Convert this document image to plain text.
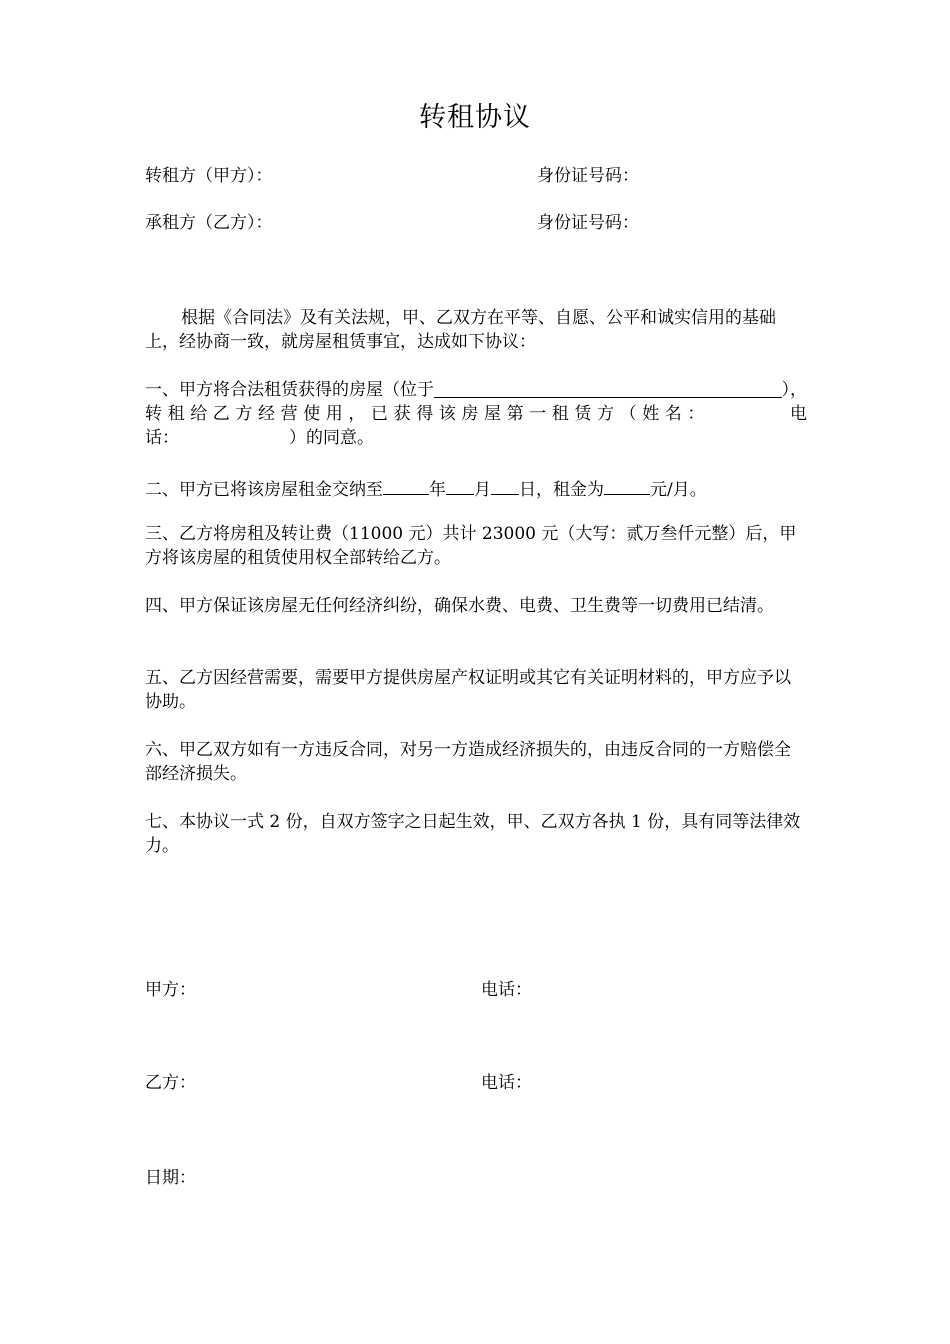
转租协议
转租方（甲方）：	身份证号码：
承租方（乙方）：	身份证号码：
根据《合同法》及有关法规，甲、乙双方在平等、自愿、公平和诚实信用的基础上，经协商一致，就房屋租赁事宜，达成如下协议：
一、甲方将合法租赁获得的房屋（位于	），
转租给乙方经营使用，已获得该房屋第一租赁方（姓名：	电
话：	）的同意。
二、甲方已将该房屋租金交纳至	年 月 日，租金为	元/月。
三、乙方将房租及转让费（11000 元）共计 23000 元（大写：贰万叁仟元整）后，甲方将该房屋的租赁使用权全部转给乙方。
四、甲方保证该房屋无任何经济纠纷，确保水费、电费、卫生费等一切费用已结清。
五、乙方因经营需要，需要甲方提供房屋产权证明或其它有关证明材料的，甲方应予以协助。
六、甲乙双方如有一方违反合同，对另一方造成经济损失的，由违反合同的一方赔偿全部经济损失。
七、本协议一式 2 份，自双方签字之日起生效，甲、乙双方各执 1 份，具有同等法律效力。
甲方：	电话：
乙方：	电话：
日期：
